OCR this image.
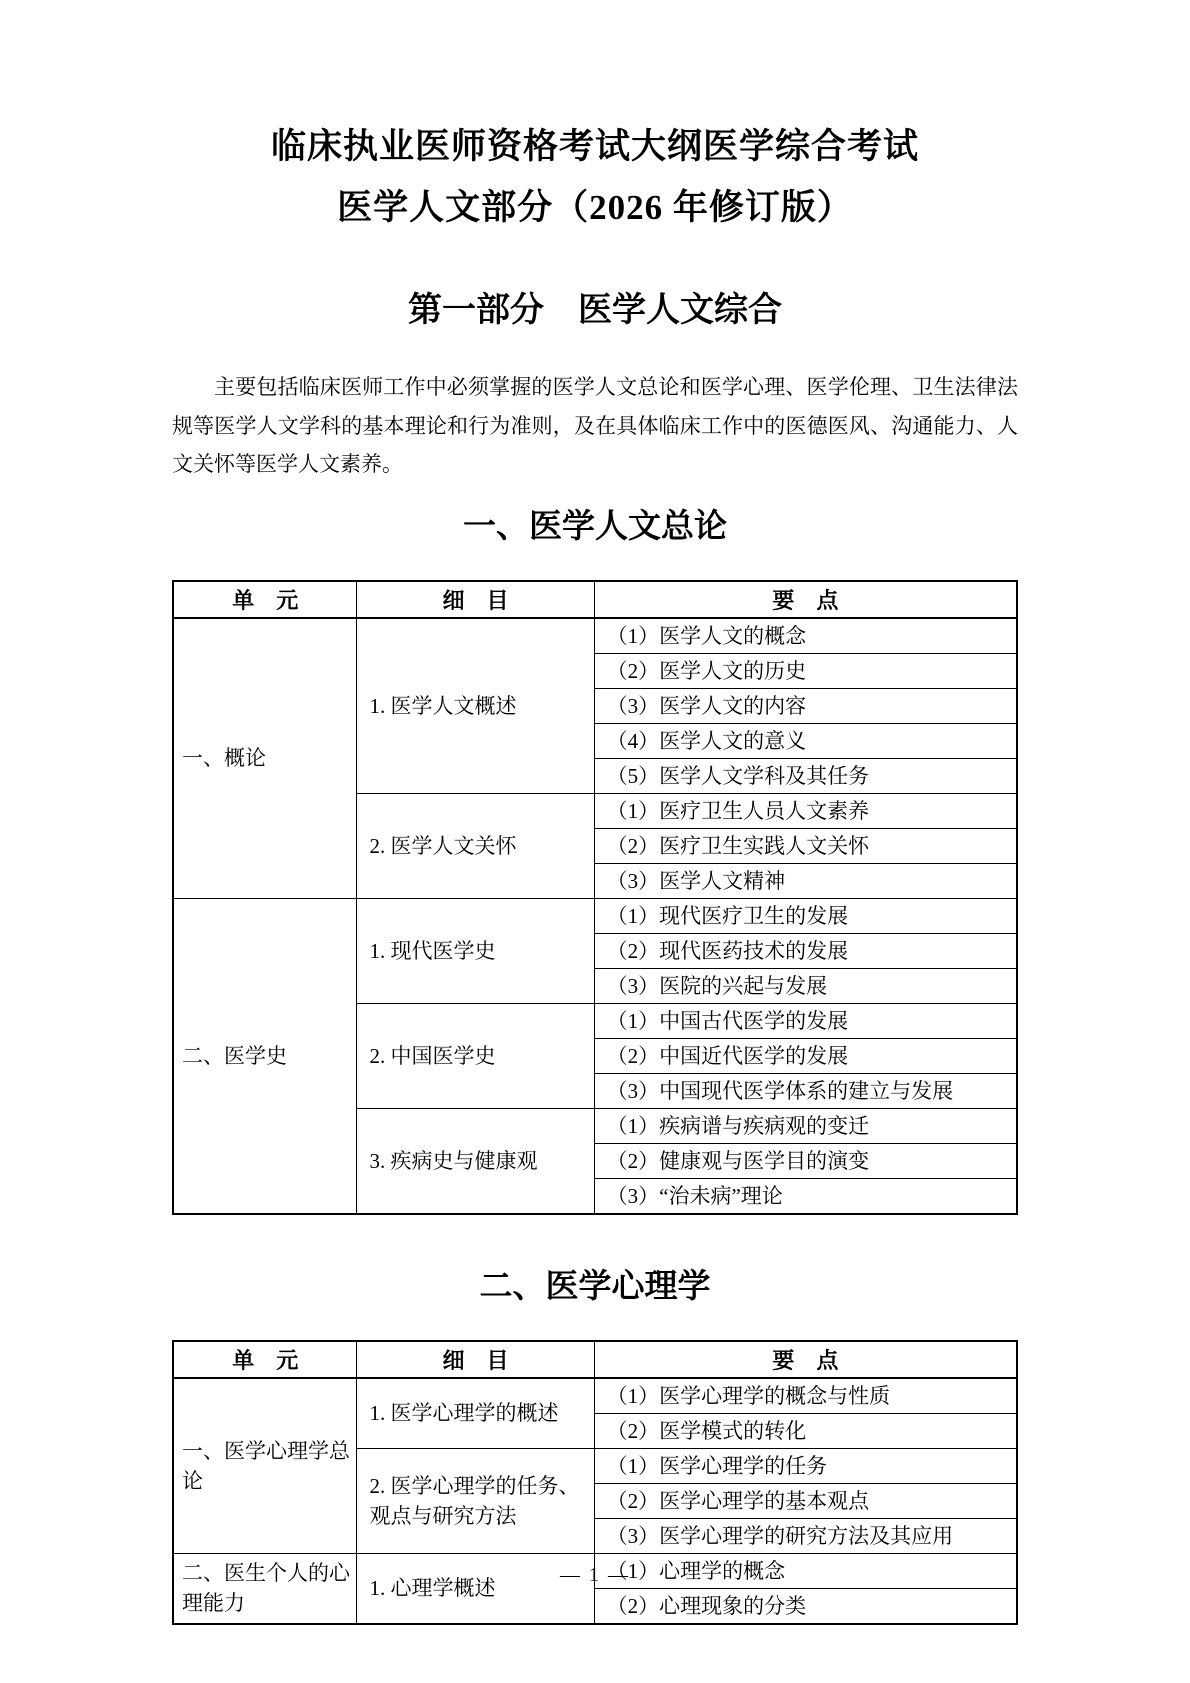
临床执业医师资格考试大纲医学综合考试
医学人文部分（2026 年修订版）
第一部分　医学人文综合

主要包括临床医师工作中必须掌握的医学人文总论和医学心理、医学伦理、卫生法律法规等医学人文学科的基本理论和行为准则，及在具体临床工作中的医德医风、沟通能力、人文关怀等医学人文素养。

一、医学人文总论
单　元	细　目	要　点
一、概论	1. 医学人文概述	（1）医学人文的概念
		（2）医学人文的历史
		（3）医学人文的内容
		（4）医学人文的意义
		（5）医学人文学科及其任务
	2. 医学人文关怀	（1）医疗卫生人员人文素养
		（2）医疗卫生实践人文关怀
		（3）医学人文精神
二、医学史	1. 现代医学史	（1）现代医疗卫生的发展
		（2）现代医药技术的发展
		（3）医院的兴起与发展
	2. 中国医学史	（1）中国古代医学的发展
		（2）中国近代医学的发展
		（3）中国现代医学体系的建立与发展
	3. 疾病史与健康观	（1）疾病谱与疾病观的变迁
		（2）健康观与医学目的演变
		（3）“治未病”理论
二、医学心理学
单　元	细　目	要　点
一、医学心理学总论	1. 医学心理学的概述	（1）医学心理学的概念与性质
		（2）医学模式的转化
	2. 医学心理学的任务、观点与研究方法	（1）医学心理学的任务
		（2）医学心理学的基本观点
		（3）医学心理学的研究方法及其应用
二、医生个人的心理能力	1. 心理学概述	（1）心理学的概念
		（2）心理现象的分类
— 1 —
